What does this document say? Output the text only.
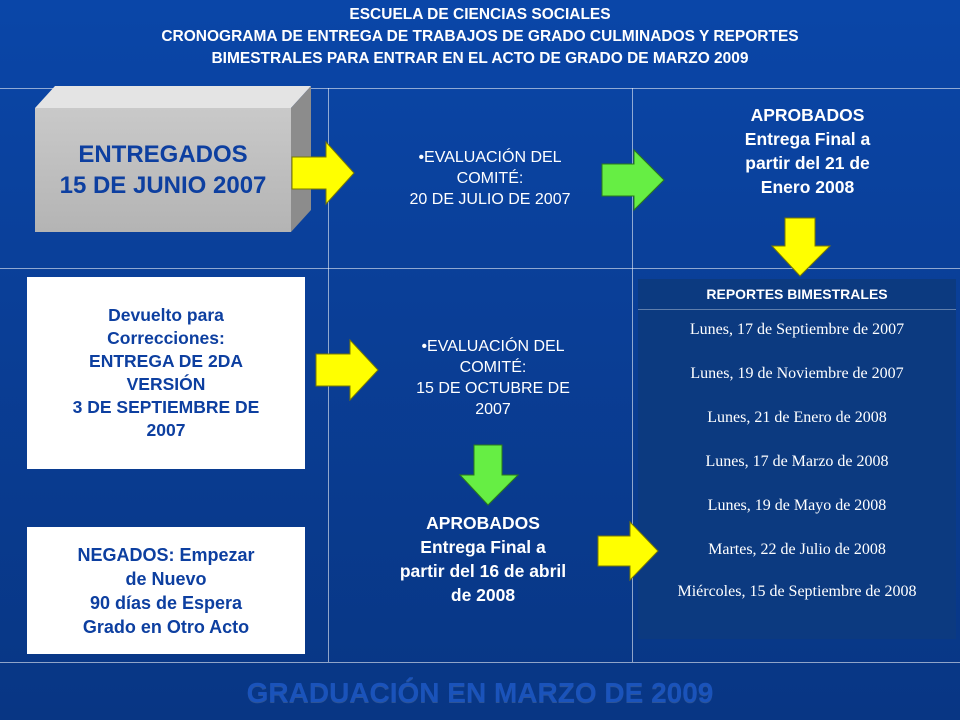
ESCUELA DE CIENCIAS SOCIALES
CRONOGRAMA DE ENTREGA DE TRABAJOS DE GRADO CULMINADOS Y REPORTES
BIMESTRALES PARA ENTRAR EN EL ACTO DE GRADO DE MARZO 2009
ENTREGADOS
15 DE JUNIO 2007
•EVALUACIÓN DEL
COMITÉ:
20 DE JULIO DE 2007
APROBADOS
Entrega Final a
partir del 21 de
Enero 2008
Devuelto para
Correcciones:
ENTREGA DE 2DA
VERSIÓN
3 DE SEPTIEMBRE DE
2007
•EVALUACIÓN DEL
COMITÉ:
15 DE OCTUBRE DE
2007
REPORTES BIMESTRALES
Lunes, 17 de Septiembre de 2007
Lunes, 19 de Noviembre de 2007
Lunes, 21 de Enero de 2008
Lunes, 17 de Marzo de 2008
Lunes, 19 de Mayo de 2008
Martes, 22 de Julio de 2008
Miércoles, 15 de Septiembre de 2008
NEGADOS: Empezar
de Nuevo
90 días de Espera
Grado en Otro Acto
APROBADOS
Entrega Final a
partir del 16 de abril
de 2008
GRADUACIÓN EN MARZO DE 2009
